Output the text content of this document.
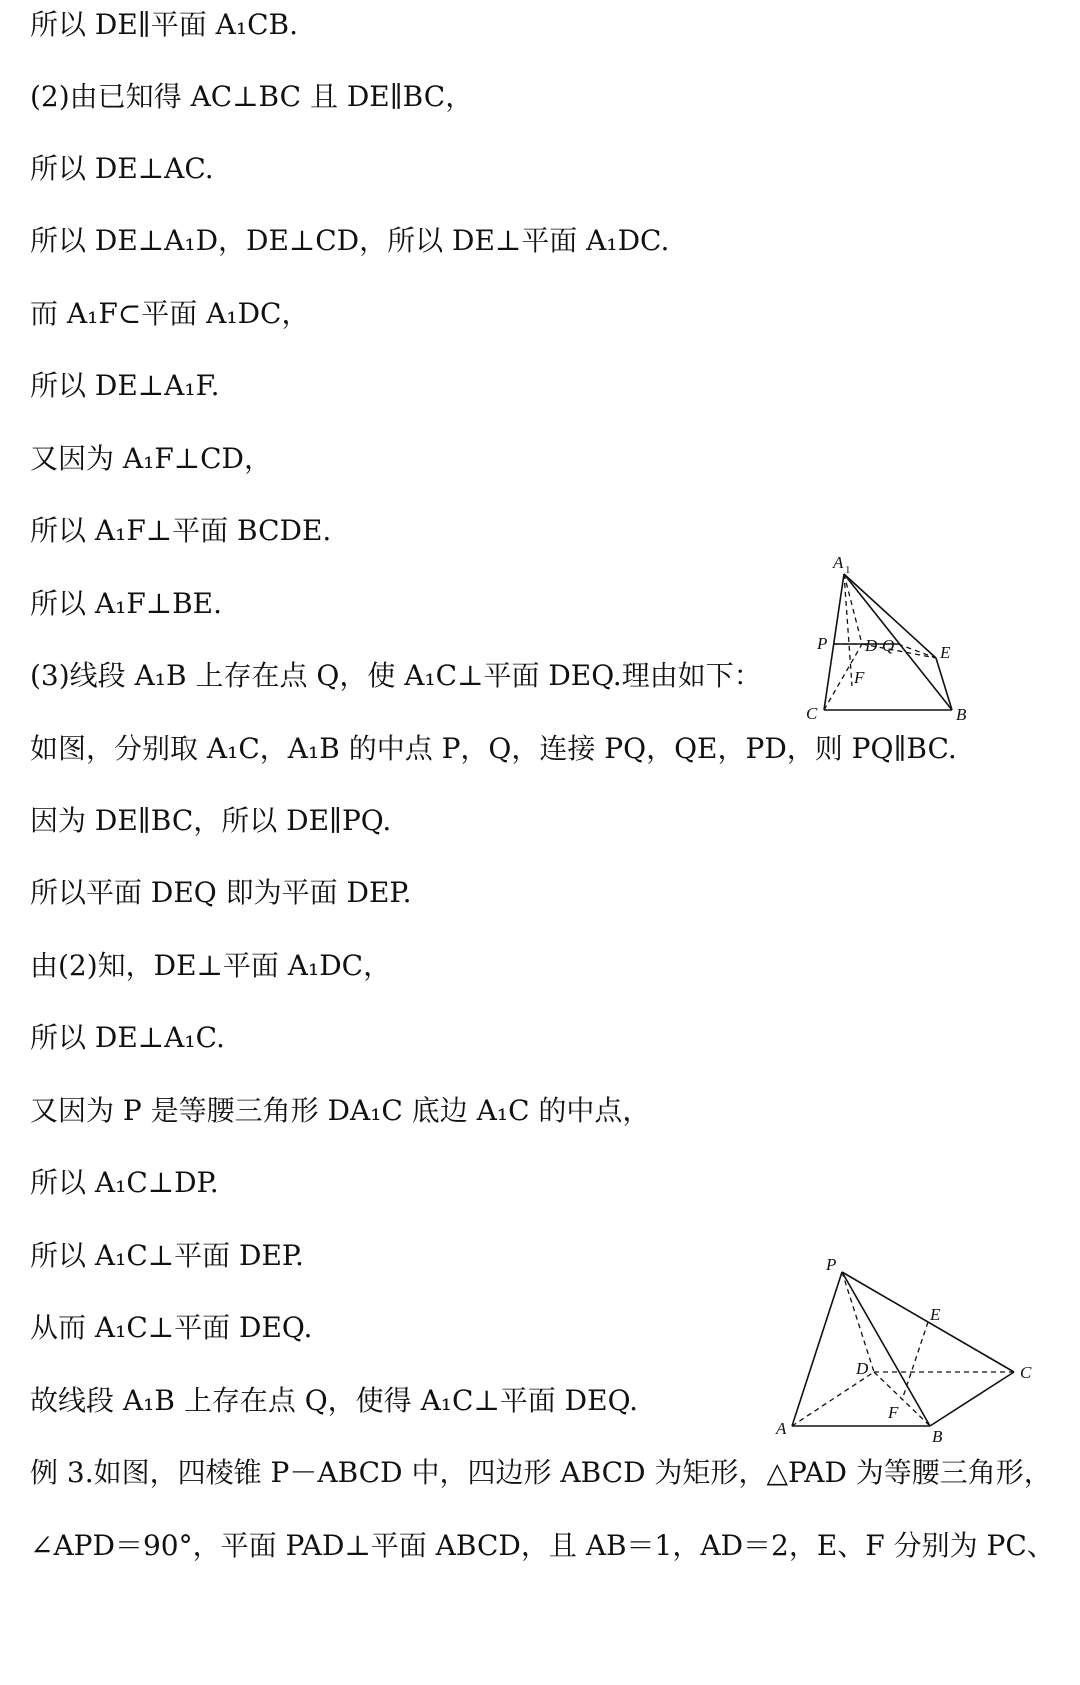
所以 DE∥平面 A₁CB.
(2)由已知得 AC⊥BC 且 DE∥BC，
所以 DE⊥AC.
所以 DE⊥A₁D，DE⊥CD，所以 DE⊥平面 A₁DC.
而 A₁F⊂平面 A₁DC，
所以 DE⊥A₁F.
又因为 A₁F⊥CD，
所以 A₁F⊥平面 BCDE.
所以 A₁F⊥BE.
(3)线段 A₁B 上存在点 Q，使 A₁C⊥平面 DEQ.理由如下：
如图，分别取 A₁C，A₁B 的中点 P，Q，连接 PQ，QE，PD，则 PQ∥BC.
因为 DE∥BC，所以 DE∥PQ.
所以平面 DEQ 即为平面 DEP.
由(2)知，DE⊥平面 A₁DC，
所以 DE⊥A₁C.
又因为 P 是等腰三角形 DA₁C 底边 A₁C 的中点，
所以 A₁C⊥DP.
所以 A₁C⊥平面 DEP.
从而 A₁C⊥平面 DEQ.
故线段 A₁B 上存在点 Q，使得 A₁C⊥平面 DEQ.
例 3.如图，四棱锥 P－ABCD 中，四边形 ABCD 为矩形，△PAD 为等腰三角形，
∠APD＝90°，平面 PAD⊥平面 ABCD，且 AB＝1，AD＝2，E、F 分别为 PC、
A 1
P D Q	E
F
C	B
P
E
D	C
F
A	B
